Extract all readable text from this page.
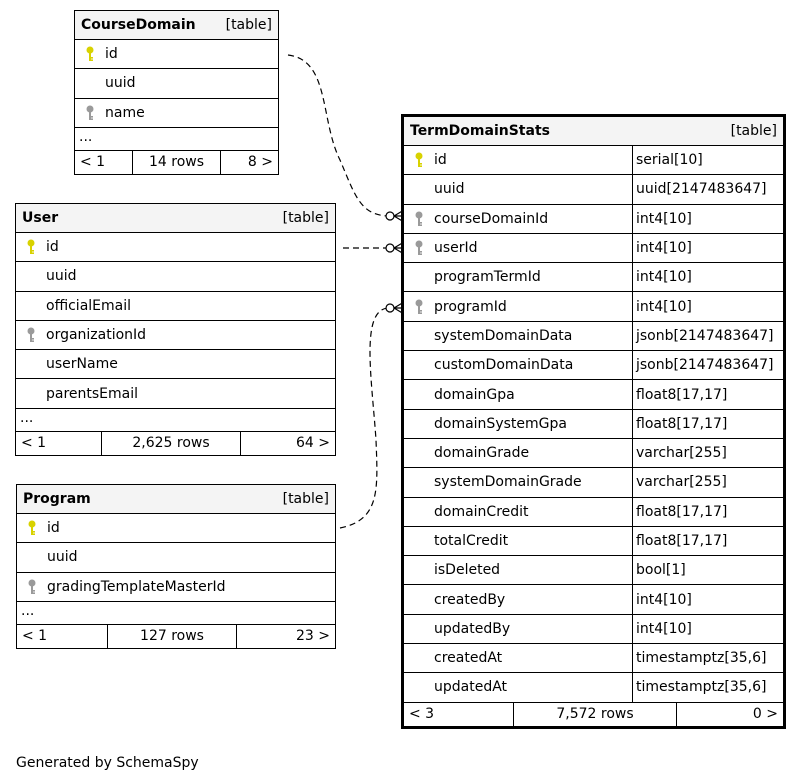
CourseDomain [table]
id
uuid
name
...
< 1	14 rows	8 >
User	[table]
id
uuid
officialEmail
organizationId
userName
parentsEmail
...
< 1	2,625 rows	64 >
Program	[table]
id
uuid
gradingTemplateMasterId
...
< 1	127 rows	23 >
TermDomainStats	[table]
id	serial[10]
uuid	uuid[2147483647]
courseDomainId	int4[10]
userId	int4[10]
programTermId	int4[10]
programId	int4[10]
systemDomainData	jsonb[2147483647]
customDomainData	jsonb[2147483647]
domainGpa	float8[17,17]
domainSystemGpa	float8[17,17]
domainGrade	varchar[255]
systemDomainGrade	varchar[255]
domainCredit	float8[17,17]
totalCredit	float8[17,17]
isDeleted	bool[1]
createdBy	int4[10]
updatedBy	int4[10]
createdAt	timestamptz[35,6]
updatedAt	timestamptz[35,6]
< 3	7,572 rows	0 >
Generated by SchemaSpy
